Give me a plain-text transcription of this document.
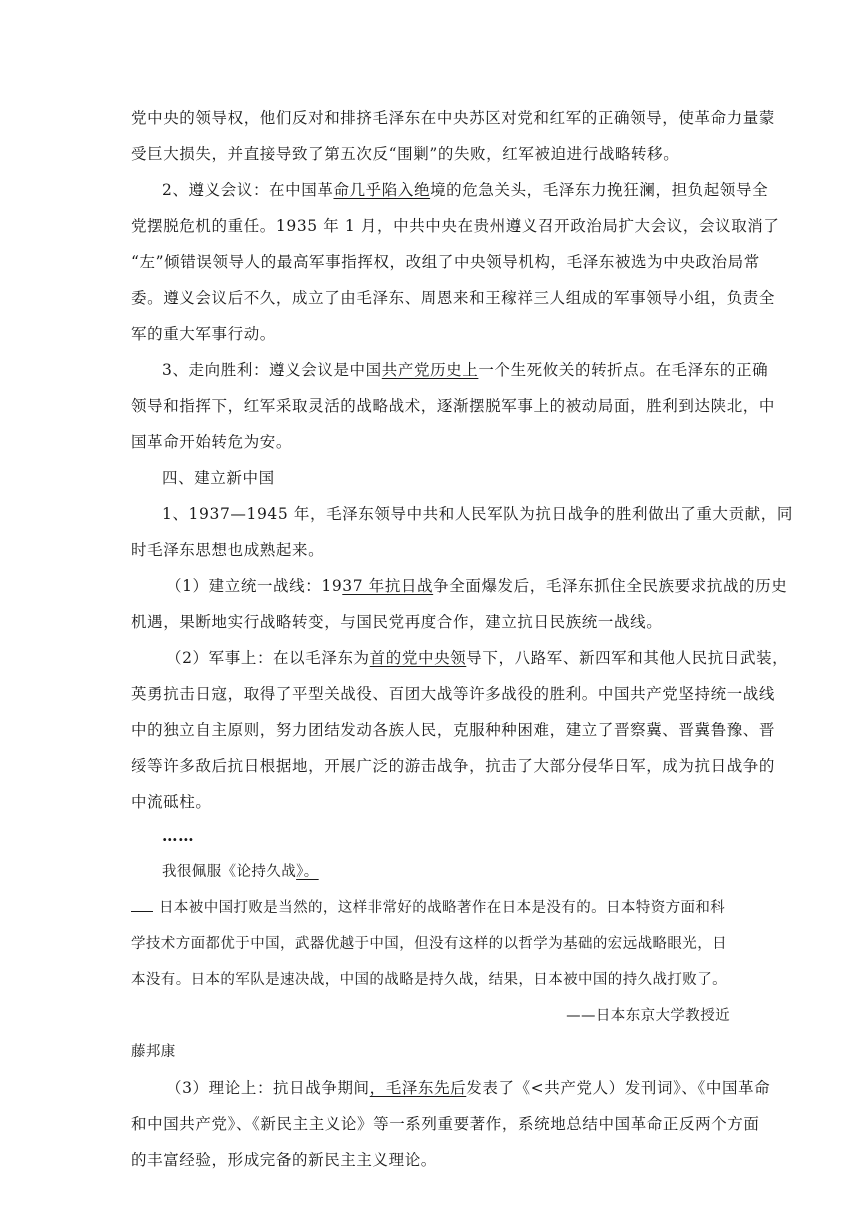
党中央的领导权，他们反对和排挤毛泽东在中央苏区对党和红军的正确领导，使革命力量蒙
受巨大损失，并直接导致了第五次反“围剿”的失败，红军被迫进行战略转移。
2、遵义会议：在中国革命几乎陷入绝境的危急关头，毛泽东力挽狂澜，担负起领导全
党摆脱危机的重任。1935 年 1 月，中共中央在贵州遵义召开政治局扩大会议，会议取消了
“左”倾错误领导人的最高军事指挥权，改组了中央领导机构，毛泽东被选为中央政治局常
委。遵义会议后不久，成立了由毛泽东、周恩来和王稼祥三人组成的军事领导小组，负责全
军的重大军事行动。
3、走向胜利：遵义会议是中国共产党历史上一个生死攸关的转折点。在毛泽东的正确
领导和指挥下，红军采取灵活的战略战术，逐渐摆脱军事上的被动局面，胜利到达陕北，中
国革命开始转危为安。
四、建立新中国
1、1937—1945 年，毛泽东领导中共和人民军队为抗日战争的胜利做出了重大贡献，同
时毛泽东思想也成熟起来。
（1）建立统一战线：1937 年抗日战争全面爆发后，毛泽东抓住全民族要求抗战的历史
机遇，果断地实行战略转变，与国民党再度合作，建立抗日民族统一战线。
（2）军事上：在以毛泽东为首的党中央领导下，八路军、新四军和其他人民抗日武装，
英勇抗击日寇，取得了平型关战役、百团大战等许多战役的胜利。中国共产党坚持统一战线
中的独立自主原则，努力团结发动各族人民，克服种种困难，建立了晋察冀、晋冀鲁豫、晋
绥等许多敌后抗日根据地，开展广泛的游击战争，抗击了大部分侵华日军，成为抗日战争的
中流砥柱。
……
我很佩服《论持久战》。
日本被中国打败是当然的，这样非常好的战略著作在日本是没有的。日本特资方面和科
学技术方面都优于中国，武器优越于中国，但没有这样的以哲学为基础的宏远战略眼光，日
本没有。日本的军队是速决战，中国的战略是持久战，结果，日本被中国的持久战打败了。
——日本东京大学教授近
藤邦康
（3）理论上：抗日战争期间，毛泽东先后发表了《<共产党人）发刊词》、《中国革命
和中国共产党》、《新民主主义论》等一系列重要著作，系统地总结中国革命正反两个方面
的丰富经验，形成完备的新民主主义理论。
